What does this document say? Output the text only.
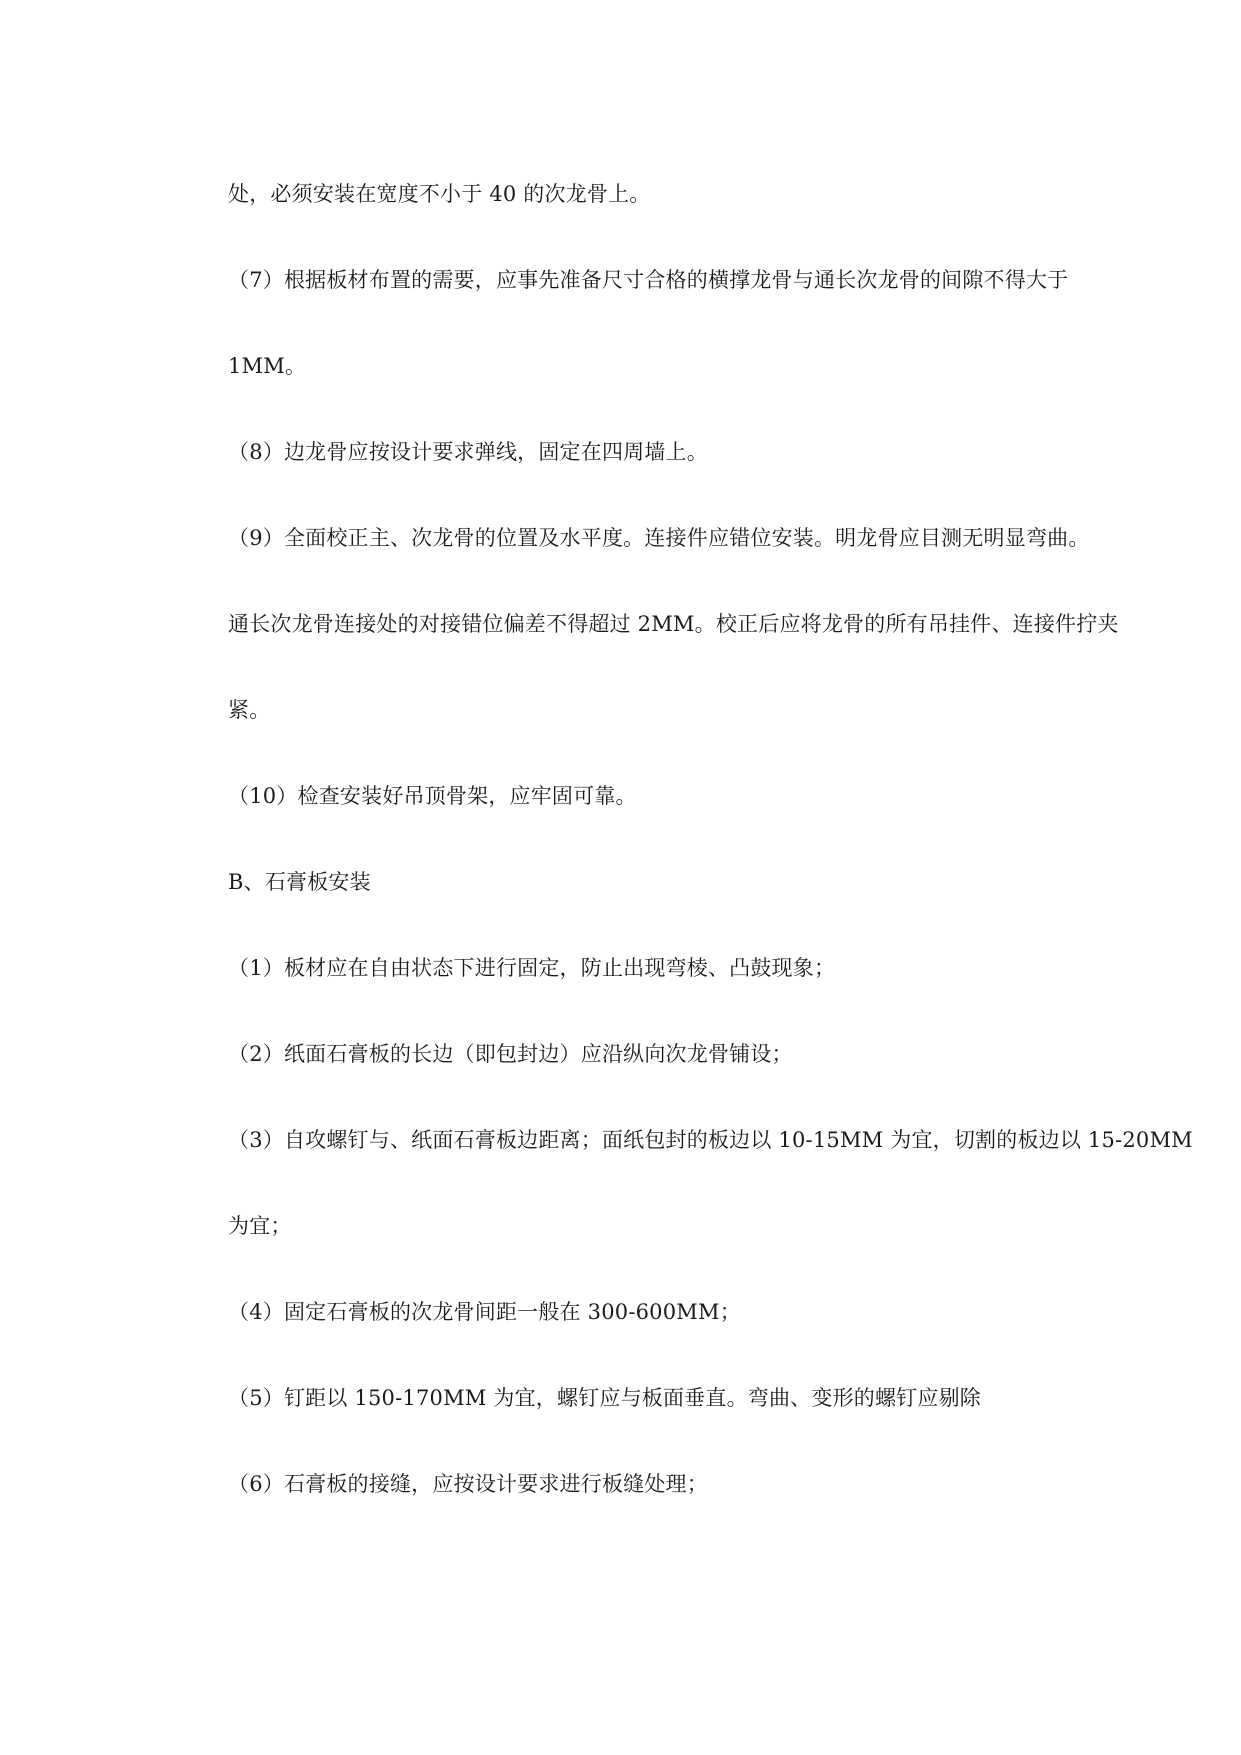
处，必须安装在宽度不小于 40 的次龙骨上。

（7）根据板材布置的需要，应事先准备尺寸合格的横撑龙骨与通长次龙骨的间隙不得大于

1MM。

（8）边龙骨应按设计要求弹线，固定在四周墙上。

（9）全面校正主、次龙骨的位置及水平度。连接件应错位安装。明龙骨应目测无明显弯曲。

通长次龙骨连接处的对接错位偏差不得超过 2MM。校正后应将龙骨的所有吊挂件、连接件拧夹

紧。

（10）检查安装好吊顶骨架，应牢固可靠。

B、石膏板安装

（1）板材应在自由状态下进行固定，防止出现弯棱、凸鼓现象；

（2）纸面石膏板的长边（即包封边）应沿纵向次龙骨铺设；

（3）自攻螺钉与、纸面石膏板边距离；面纸包封的板边以 10-15MM 为宜，切割的板边以 15-20MM

为宜；

（4）固定石膏板的次龙骨间距一般在 300-600MM；

（5）钉距以 150-170MM 为宜，螺钉应与板面垂直。弯曲、变形的螺钉应剔除

（6）石膏板的接缝，应按设计要求进行板缝处理；
